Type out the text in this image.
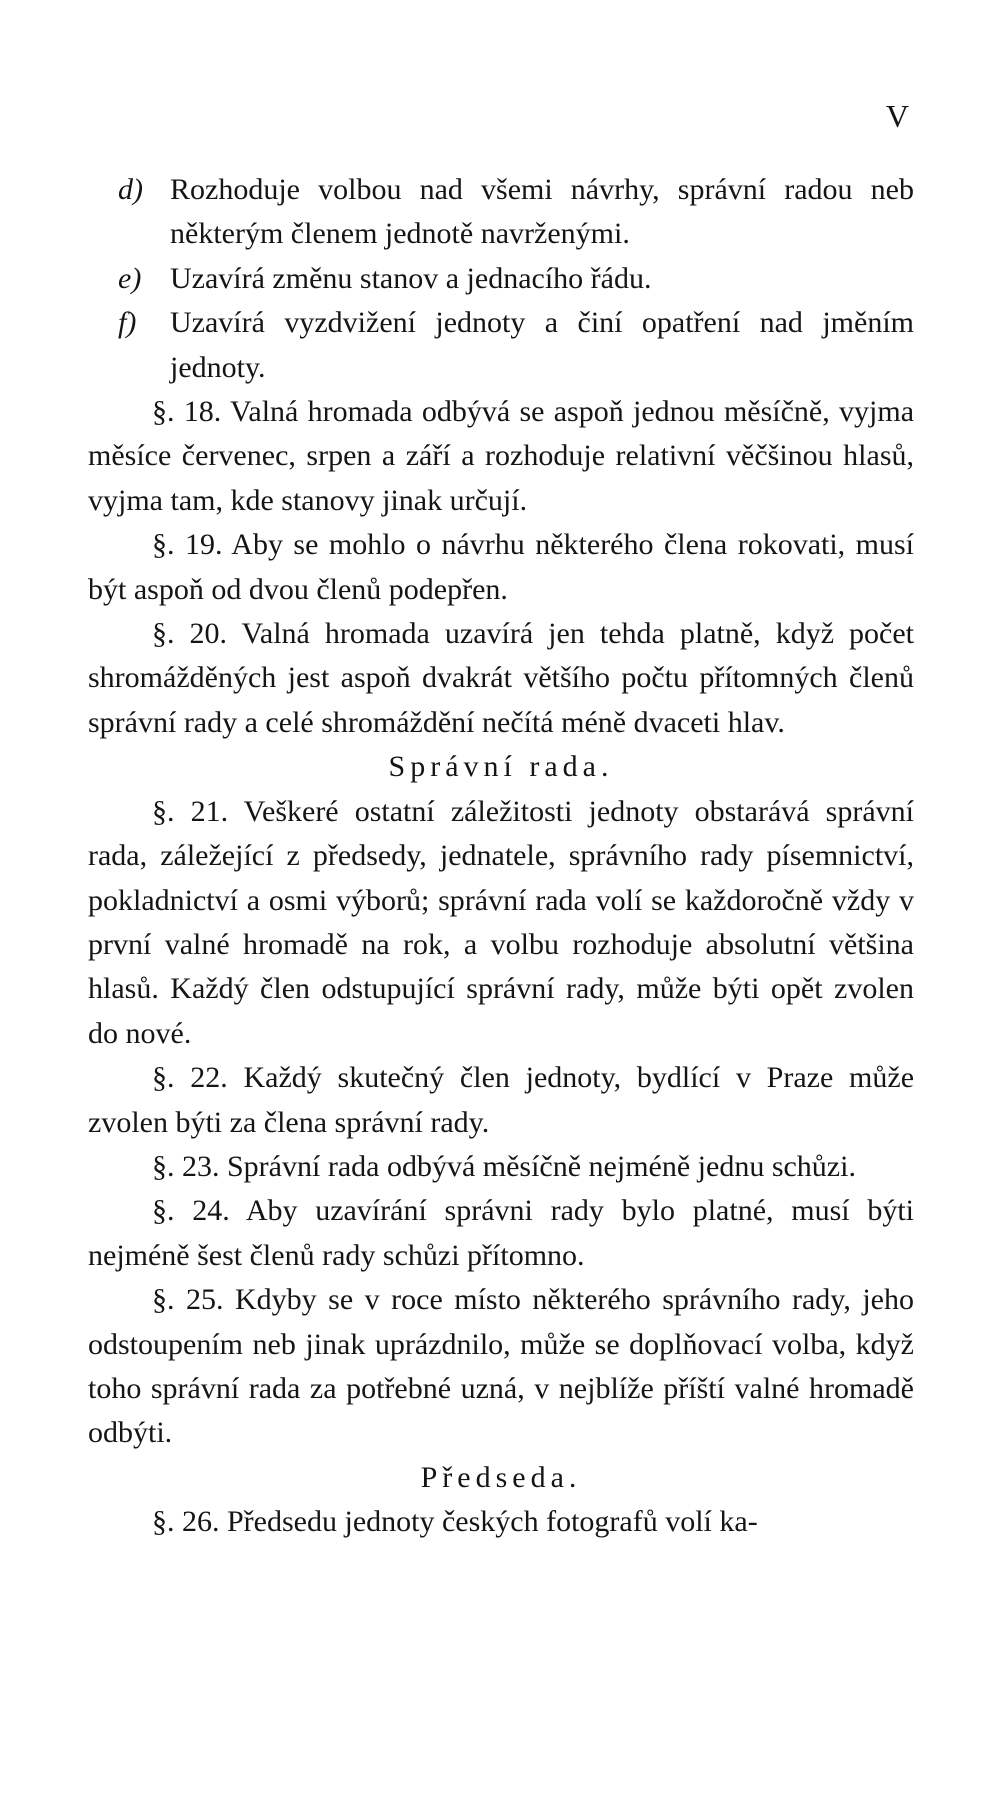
V
d) Rozhoduje volbou nad všemi návrhy, správní radou neb některým členem jednotě navrženými.
e) Uzavírá změnu stanov a jednacího řádu.
f) Uzavírá vyzdvižení jednoty a činí opatření nad jměním jednoty.
§. 18. Valná hromada odbývá se aspoň jednou měsíčně, vyjma měsíce červenec, srpen a září a rozhoduje relativní věčšinou hlasů, vyjma tam, kde stanovy jinak určují.
§. 19. Aby se mohlo o návrhu některého člena rokovati, musí být aspoň od dvou členů podepřen.
§. 20. Valná hromada uzavírá jen tehda platně, když počet shromážděných jest aspoň dvakrát většího počtu přítomných členů správní rady a celé shromáždění nečítá méně dvaceti hlav.
Správní rada.
§. 21. Veškeré ostatní záležitosti jednoty obstarává správní rada, záležející z předsedy, jednatele, správního rady písemnictví, pokladnictví a osmi výborů; správní rada volí se každoročně vždy v první valné hromadě na rok, a volbu rozhoduje absolutní většina hlasů. Každý člen odstupující správní rady, může býti opět zvolen do nové.
§. 22. Každý skutečný člen jednoty, bydlící v Praze může zvolen býti za člena správní rady.
§. 23. Správní rada odbývá měsíčně nejméně jednu schůzi.
§. 24. Aby uzavírání správni rady bylo platné, musí býti nejméně šest členů rady schůzi přítomno.
§. 25. Kdyby se v roce místo některého správního rady, jeho odstoupením neb jinak uprázdnilo, může se doplňovací volba, když toho správní rada za potřebné uzná, v nejblíže příští valné hromadě odbýti.
Předseda.
§. 26. Předsedu jednoty českých fotografů volí ka-
